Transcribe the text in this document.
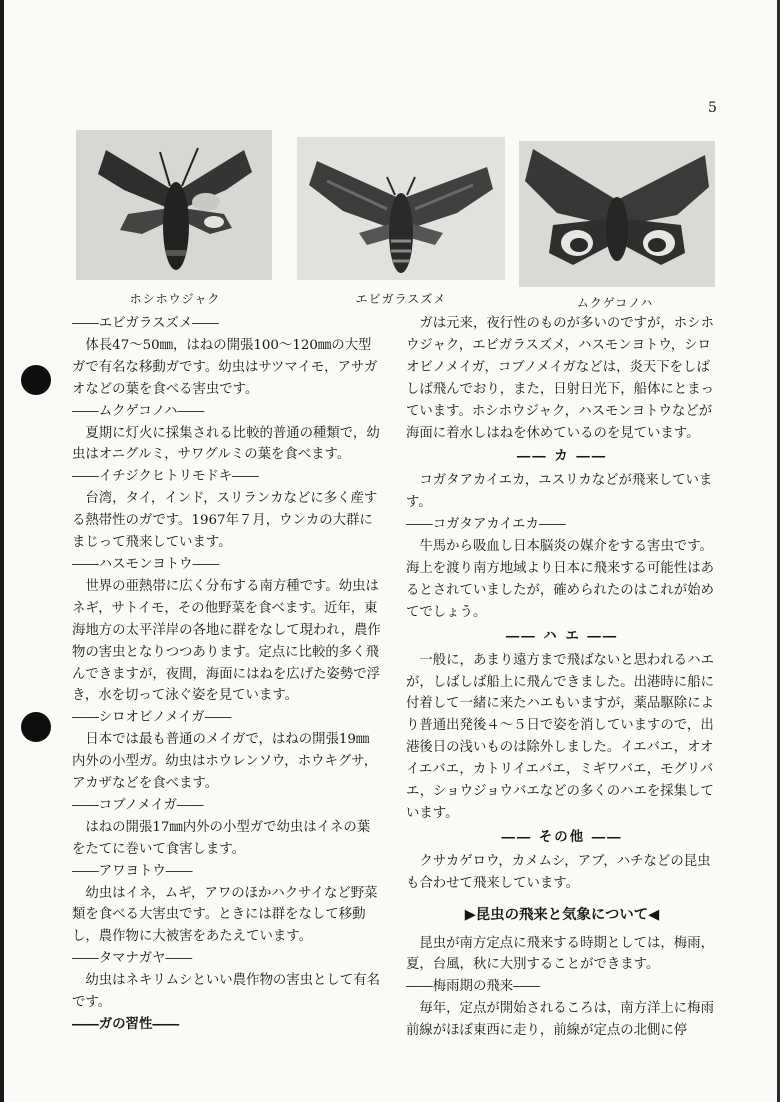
5
ホシホウジャク	エビガラスズメ	ムクゲコノハ

――エビガラスズメ――

体長47～50㎜，はねの開張100～120㎜の大型ガで有名な移動ガです。幼虫はサツマイモ，アサガオなどの葉を食べる害虫です。

――ムクゲコノハ――

夏期に灯火に採集される比較的普通の種類で，幼虫はオニグルミ，サワグルミの葉を食べます。

――イチジクヒトリモドキ――

台湾，タイ，インド，スリランカなどに多く産する熱帯性のガです。1967年７月，ウンカの大群にまじって飛来しています。

――ハスモンヨトウ――

世界の亜熱帯に広く分布する南方種です。幼虫はネギ，サトイモ，その他野菜を食べます。近年，東海地方の太平洋岸の各地に群をなして現われ，農作物の害虫となりつつあります。定点に比較的多く飛んできますが，夜間，海面にはねを広げた姿勢で浮き，水を切って泳ぐ姿を見ています。

――シロオビノメイガ――

日本では最も普通のメイガで，はねの開張19㎜内外の小型ガ。幼虫はホウレンソウ，ホウキグサ，アカザなどを食べます。

――コブノメイガ――

はねの開張17㎜内外の小型ガで幼虫はイネの葉をたてに巻いて食害します。

――アワヨトウ――

幼虫はイネ，ムギ，アワのほかハクサイなど野菜類を食べる大害虫です。ときには群をなして移動し，農作物に大被害をあたえています。

――タマナガヤ――

幼虫はネキリムシといい農作物の害虫として有名です。

――ガの習性――

ガは元来，夜行性のものが多いのですが，ホシホウジャク，エビガラスズメ，ハスモンヨトウ，シロオビノメイガ，コブノメイガなどは，炎天下をしばしば飛んでおり，また，日射日光下，船体にとまっています。ホシホウジャク，ハスモンヨトウなどが海面に着水しはねを休めているのを見ています。

―― カ ――

コガタアカイエカ，ユスリカなどが飛来しています。

――コガタアカイエカ――

牛馬から吸血し日本脳炎の媒介をする害虫です。海上を渡り南方地域より日本に飛来する可能性はあるとされていましたが，確められたのはこれが始めてでしょう。

―― ハ エ ――

一般に，あまり遠方まで飛ばないと思われるハエが，しばしば船上に飛んできました。出港時に船に付着して一緒に来たハエもいますが，薬品駆除により普通出発後４～５日で姿を消していますので，出港後日の浅いものは除外しました。イエバエ，オオイエバエ，カトリイエバエ，ミギワバエ，モグリバエ，ショウジョウバエなどの多くのハエを採集しています。

―― その他 ――

クサカゲロウ，カメムシ，アブ，ハチなどの昆虫も合わせて飛来しています。

▶昆虫の飛来と気象について◀

昆虫が南方定点に飛来する時期としては，梅雨，夏，台風，秋に大別することができます。

――梅雨期の飛来――

毎年，定点が開始されるころは，南方洋上に梅雨前線がほぼ東西に走り，前線が定点の北側に停
